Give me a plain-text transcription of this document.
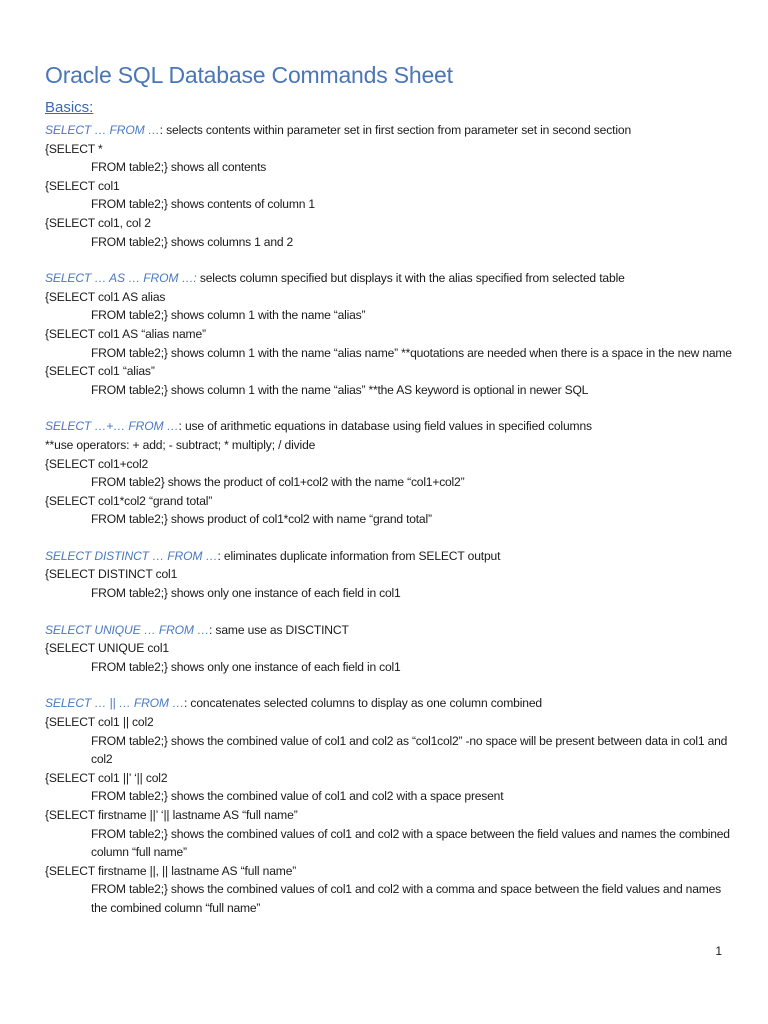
Oracle SQL Database Commands Sheet
Basics:
SELECT … FROM …: selects contents within parameter set in first section from parameter set in second section
{SELECT *
FROM table2;} shows all contents
{SELECT col1
FROM table2;} shows contents of column 1
{SELECT col1, col 2
FROM table2;} shows columns 1 and 2
SELECT … AS … FROM …: selects column specified but displays it with the alias specified from selected table
{SELECT col1 AS alias
FROM table2;} shows column 1 with the name “alias”
{SELECT col1 AS “alias name”
FROM table2;} shows column 1 with the name “alias name” **quotations are needed when there is a space in the new name
{SELECT col1 “alias”
FROM table2;} shows column 1 with the name “alias” **the AS keyword is optional in newer SQL
SELECT …+… FROM …: use of arithmetic equations in database using field values in specified columns
**use operators: + add; - subtract; * multiply; / divide
{SELECT col1+col2
FROM table2} shows the product of col1+col2 with the name “col1+col2”
{SELECT col1*col2 “grand total”
FROM table2;} shows product of col1*col2 with name “grand total”
SELECT DISTINCT … FROM …: eliminates duplicate information from SELECT output
{SELECT DISTINCT col1
FROM table2;} shows only one instance of each field in col1
SELECT UNIQUE … FROM …: same use as DISCTINCT
{SELECT UNIQUE col1
FROM table2;} shows only one instance of each field in col1
SELECT … || … FROM …: concatenates selected columns to display as one column combined
{SELECT col1 || col2
FROM table2;} shows the combined value of col1 and col2 as “col1col2” -no space will be present between data in col1 and col2
{SELECT col1 ||’ ‘|| col2
FROM table2;} shows the combined value of col1 and col2 with a space present
{SELECT firstname ||’ ‘|| lastname AS “full name”
FROM table2;} shows the combined values of col1 and col2 with a space between the field values and names the combined column “full name”
{SELECT firstname ||, || lastname AS “full name”
FROM table2;} shows the combined values of col1 and col2 with a comma and space between the field values and names the combined column “full name”
1
